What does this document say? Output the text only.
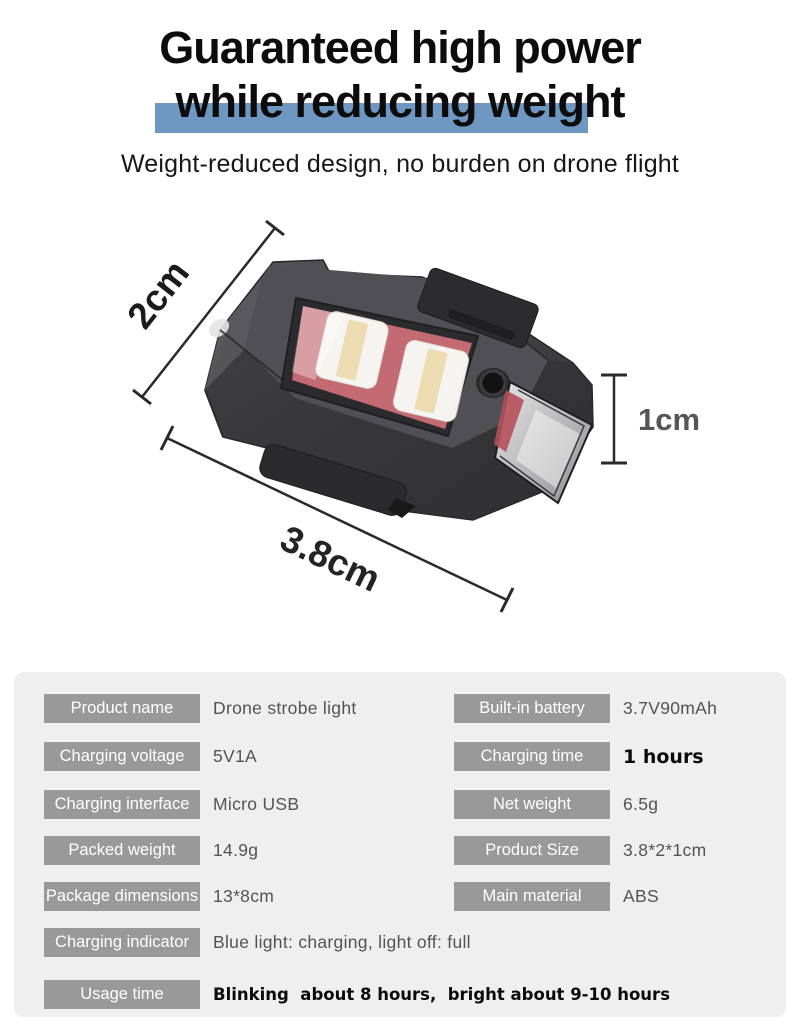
Guaranteed high power
while reducing weight
Weight-reduced design, no burden on drone flight
2cm
3.8cm
1cm
Product name	Drone strobe light	Built-in battery	3.7V90mAh
Charging voltage	5V1A	Charging time	1 hours
Charging interface	Micro USB	Net weight	6.5g
Packed weight	14.9g	Product Size	3.8*2*1cm
Package dimensions 13*8cm	Main material	ABS
Charging indicator	Blue light: charging, light off: full
Usage time	Blinking  about 8 hours,  bright about 9-10 hours
